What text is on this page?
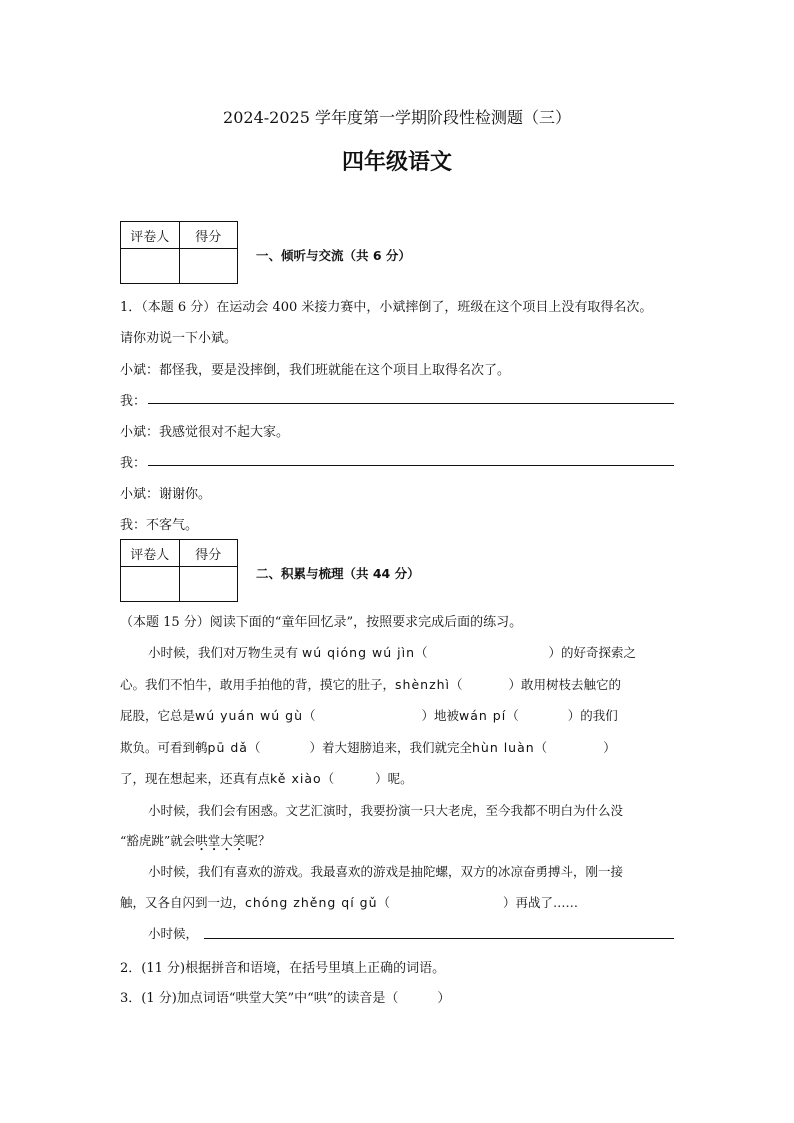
2024-2025 学年度第一学期阶段性检测题（三）
四年级语文
评卷人	得分

一、倾听与交流（共 6 分）
1．（本题 6 分）在运动会 400 米接力赛中，小斌摔倒了，班级在这个项目上没有取得名次。
请你劝说一下小斌。
小斌：都怪我，要是没摔倒，我们班就能在这个项目上取得名次了。
我：
小斌：我感觉很对不起大家。
我：
小斌：谢谢你。
我：不客气。
评卷人	得分

二、积累与梳理（共 44 分）
（本题 15 分）阅读下面的“童年回忆录”，按照要求完成后面的练习。
小时候，我们对万物生灵有 wú qióng wú jìn（	）的好奇探索之
心。我们不怕牛，敢用手拍他的背，摸它的肚子，shènzhì（	）敢用树枝去触它的
屁股，它总是wú yuán wú gù（	）地被wán pí（	）的我们
欺负。可看到鹌pū dǎ（	）着大翅膀追来，我们就完全hùn luàn（	）
了，现在想起来，还真有点kě xiào（	）呢。
小时候，我们会有困惑。文艺汇演时，我要扮演一只大老虎，至今我都不明白为什么没
“豁虎跳”就会哄堂大笑呢？
小时候，我们有喜欢的游戏。我最喜欢的游戏是抽陀螺，双方的冰凉奋勇搏斗，刚一接
触，又各自闪到一边，chóng zhěng qí gǔ（	）再战了……
小时候，
2．(11 分)根据拼音和语境，在括号里填上正确的词语。
3．(1 分)加点词语“哄堂大笑”中“哄”的读音是（　　　）
